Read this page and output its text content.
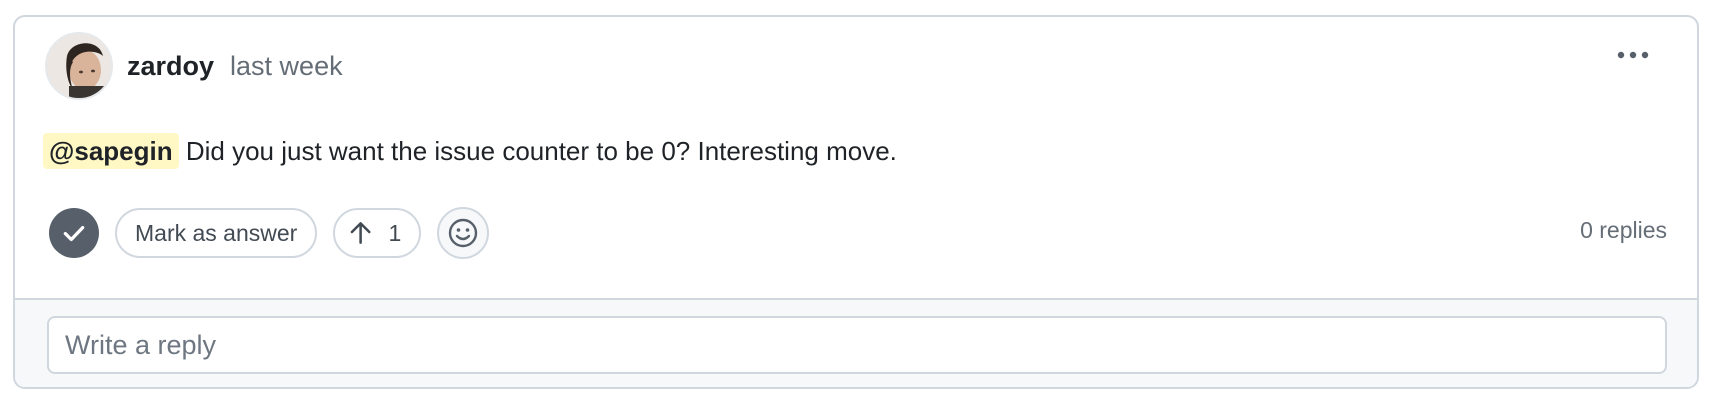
zardoy last week
@sapegin Did you just want the issue counter to be 0? Interesting move.
Mark as answer	1	0 replies
Write a reply
